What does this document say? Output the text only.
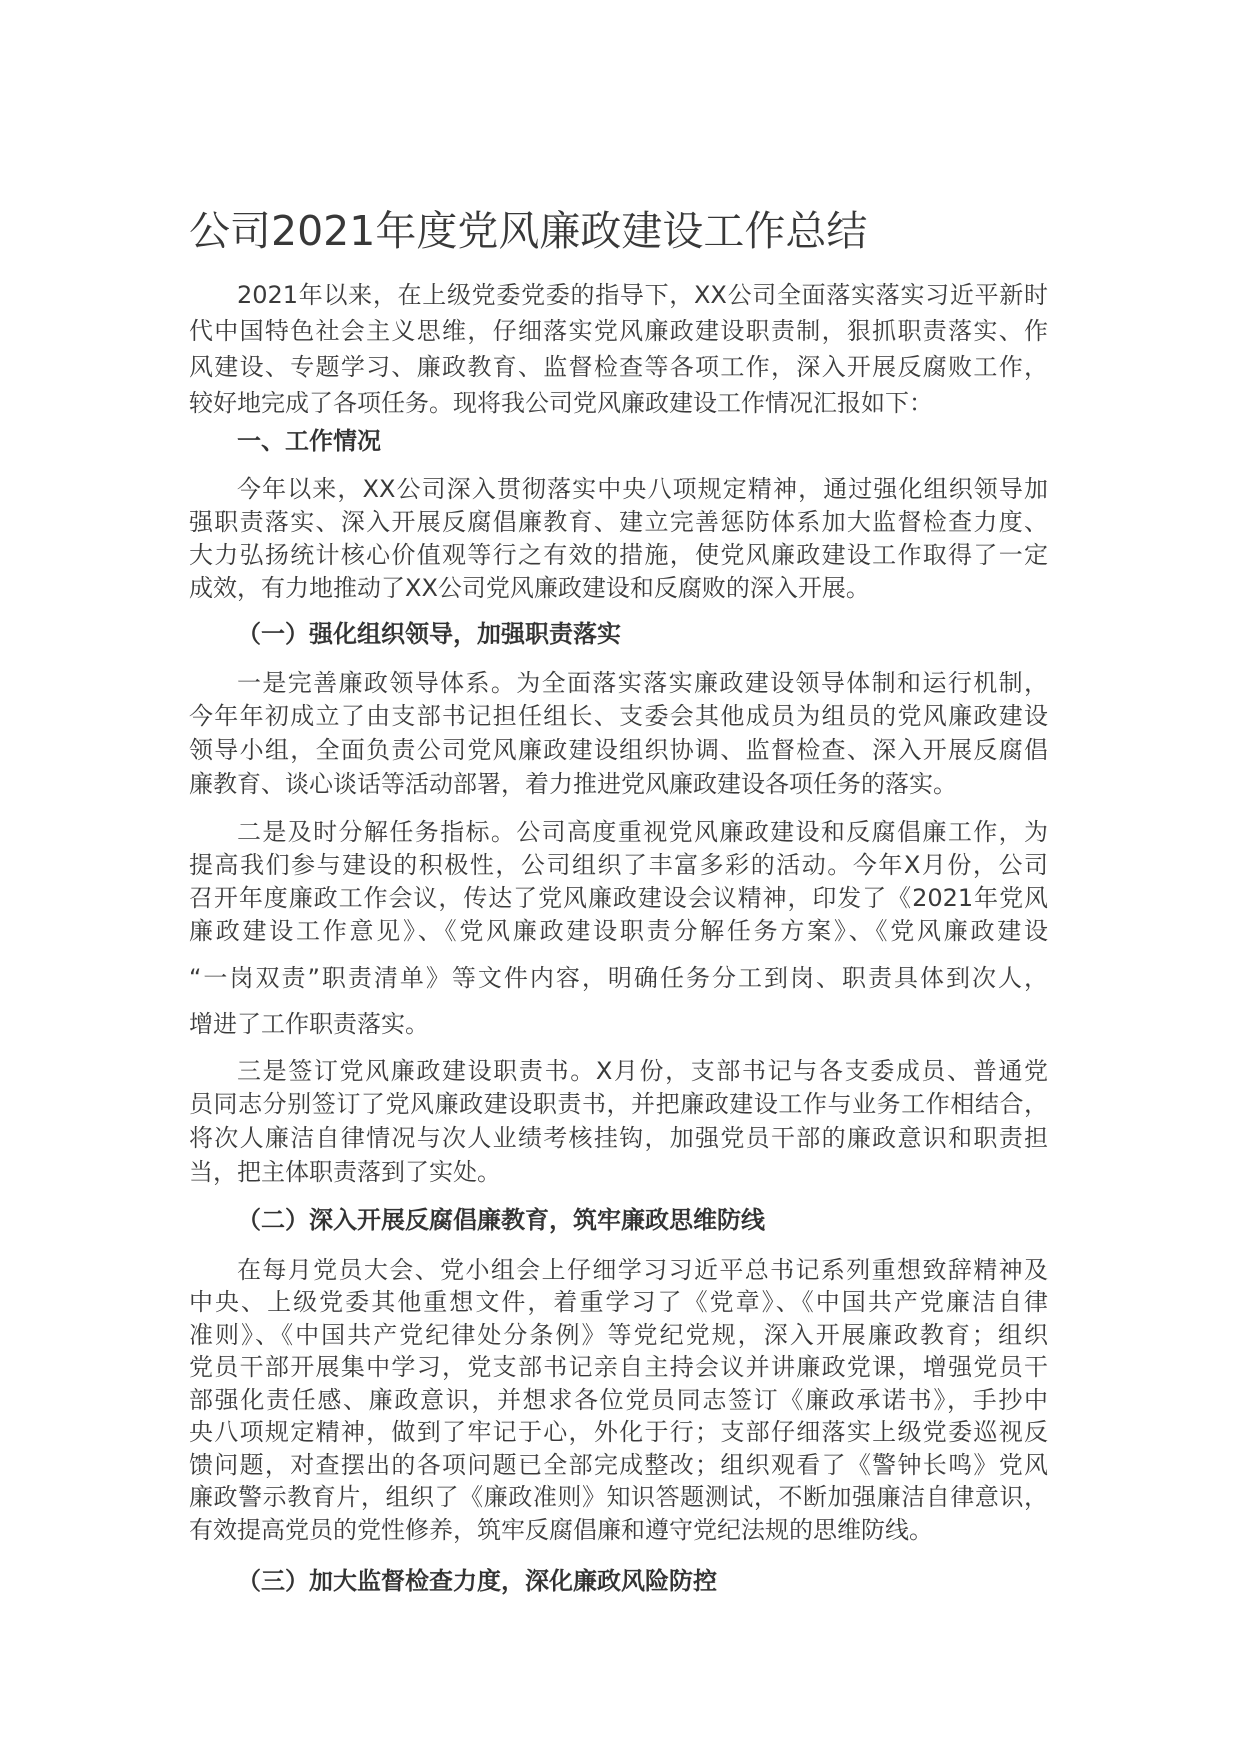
公司2021年度党风廉政建设工作总结
2021年以来，在上级党委党委的指导下，XX公司全面落实落实习近平新时
代中国特色社会主义思维，仔细落实党风廉政建设职责制，狠抓职责落实、作
风建设、专题学习、廉政教育、监督检查等各项工作，深入开展反腐败工作，
较好地完成了各项任务。现将我公司党风廉政建设工作情况汇报如下：
一、工作情况
今年以来，XX公司深入贯彻落实中央八项规定精神，通过强化组织领导加
强职责落实、深入开展反腐倡廉教育、建立完善惩防体系加大监督检查力度、
大力弘扬统计核心价值观等行之有效的措施，使党风廉政建设工作取得了一定
成效，有力地推动了XX公司党风廉政建设和反腐败的深入开展。
（一）强化组织领导，加强职责落实
一是完善廉政领导体系。为全面落实落实廉政建设领导体制和运行机制，
今年年初成立了由支部书记担任组长、支委会其他成员为组员的党风廉政建设
领导小组，全面负责公司党风廉政建设组织协调、监督检查、深入开展反腐倡
廉教育、谈心谈话等活动部署，着力推进党风廉政建设各项任务的落实。
二是及时分解任务指标。公司高度重视党风廉政建设和反腐倡廉工作，为
提高我们参与建设的积极性，公司组织了丰富多彩的活动。今年X月份，公司
召开年度廉政工作会议，传达了党风廉政建设会议精神，印发了《2021年党风
廉政建设工作意见》、《党风廉政建设职责分解任务方案》、《党风廉政建设
“一岗双责”职责清单》等文件内容，明确任务分工到岗、职责具体到次人，
增进了工作职责落实。
三是签订党风廉政建设职责书。X月份，支部书记与各支委成员、普通党
员同志分别签订了党风廉政建设职责书，并把廉政建设工作与业务工作相结合，
将次人廉洁自律情况与次人业绩考核挂钩，加强党员干部的廉政意识和职责担
当，把主体职责落到了实处。
（二）深入开展反腐倡廉教育，筑牢廉政思维防线
在每月党员大会、党小组会上仔细学习习近平总书记系列重想致辞精神及
中央、上级党委其他重想文件，着重学习了《党章》、《中国共产党廉洁自律
准则》、《中国共产党纪律处分条例》等党纪党规，深入开展廉政教育；组织
党员干部开展集中学习，党支部书记亲自主持会议并讲廉政党课，增强党员干
部强化责任感、廉政意识，并想求各位党员同志签订《廉政承诺书》，手抄中
央八项规定精神，做到了牢记于心，外化于行；支部仔细落实上级党委巡视反
馈问题，对查摆出的各项问题已全部完成整改；组织观看了《警钟长鸣》党风
廉政警示教育片，组织了《廉政准则》知识答题测试，不断加强廉洁自律意识，
有效提高党员的党性修养，筑牢反腐倡廉和遵守党纪法规的思维防线。
（三）加大监督检查力度，深化廉政风险防控
